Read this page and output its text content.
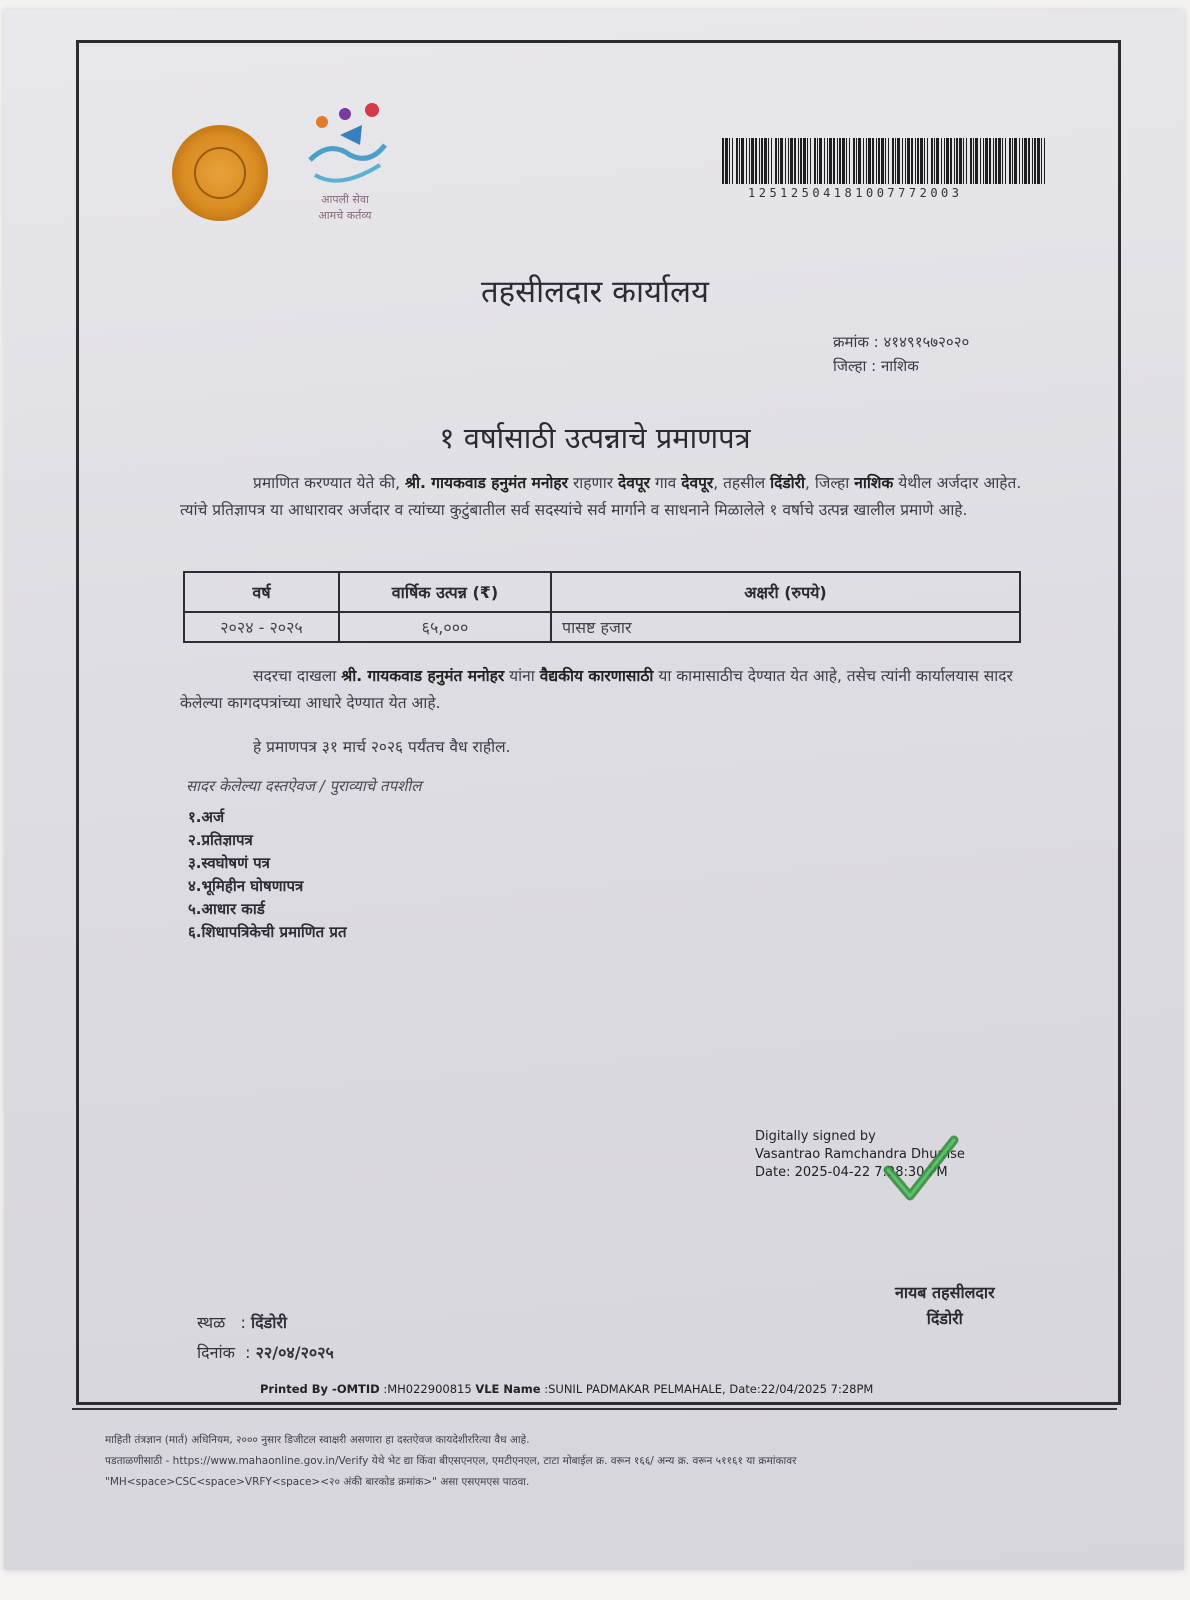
आपली सेवा
आमचे कर्तव्य
12512504181007772003
तहसीलदार कार्यालय
क्रमांक : ४१४९१५७२०२०
जिल्हा : नाशिक
१ वर्षासाठी उत्पन्नाचे प्रमाणपत्र
प्रमाणित करण्यात येते की, श्री. गायकवाड हनुमंत मनोहर राहणार देवपूर गाव देवपूर, तहसील दिंडोरी, जिल्हा नाशिक येथील अर्जदार आहेत. त्यांचे प्रतिज्ञापत्र या आधारावर अर्जदार व त्यांच्या कुटुंबातील सर्व सदस्यांचे सर्व मार्गाने व साधनाने मिळालेले १ वर्षाचे उत्पन्न खालील प्रमाणे आहे.
वर्ष	वार्षिक उत्पन्न (₹)	अक्षरी (रुपये)
२०२४ - २०२५	६५,०००	पासष्ट हजार
सदरचा दाखला श्री. गायकवाड हनुमंत मनोहर यांना वैद्यकीय कारणासाठी या कामासाठीच देण्यात येत आहे, तसेच त्यांनी कार्यालयास सादर केलेल्या कागदपत्रांच्या आधारे देण्यात येत आहे.
हे प्रमाणपत्र ३१ मार्च २०२६ पर्यंतच वैध राहील.
सादर केलेल्या दस्तऐवज / पुराव्याचे तपशील
१.अर्ज
२.प्रतिज्ञापत्र
३.स्वघोषणं पत्र
४.भूमिहीन घोषणापत्र
५.आधार कार्ड
६.शिधापत्रिकेची प्रमाणित प्रत
Digitally signed by
Vasantrao Ramchandra Dhumse
Date: 2025-04-22 7:28:30 PM
नायब तहसीलदार
दिंडोरी
स्थळ   : दिंडोरी
दिनांक  : २२/०४/२०२५
Printed By -OMTID :MH022900815 VLE Name :SUNIL PADMAKAR PELMAHALE, Date:22/04/2025 7:28PM
माहिती तंत्रज्ञान (मार्त) अधिनियम, २००० नुसार डिजीटल स्वाक्षरी असणारा हा दस्तऐवज कायदेशीररित्या वैध आहे.
पडताळणीसाठी - https://www.mahaonline.gov.in/Verify येथे भेट द्या किंवा बीएसएनएल, एमटीएनएल, टाटा मोबाईल क्र. वरून १६६/ अन्य क्र. वरून ५११६१ या क्रमांकावर
"MH<space>CSC<space>VRFY<space><२० अंकी बारकोड क्रमांक>" असा एसएमएस पाठवा.
